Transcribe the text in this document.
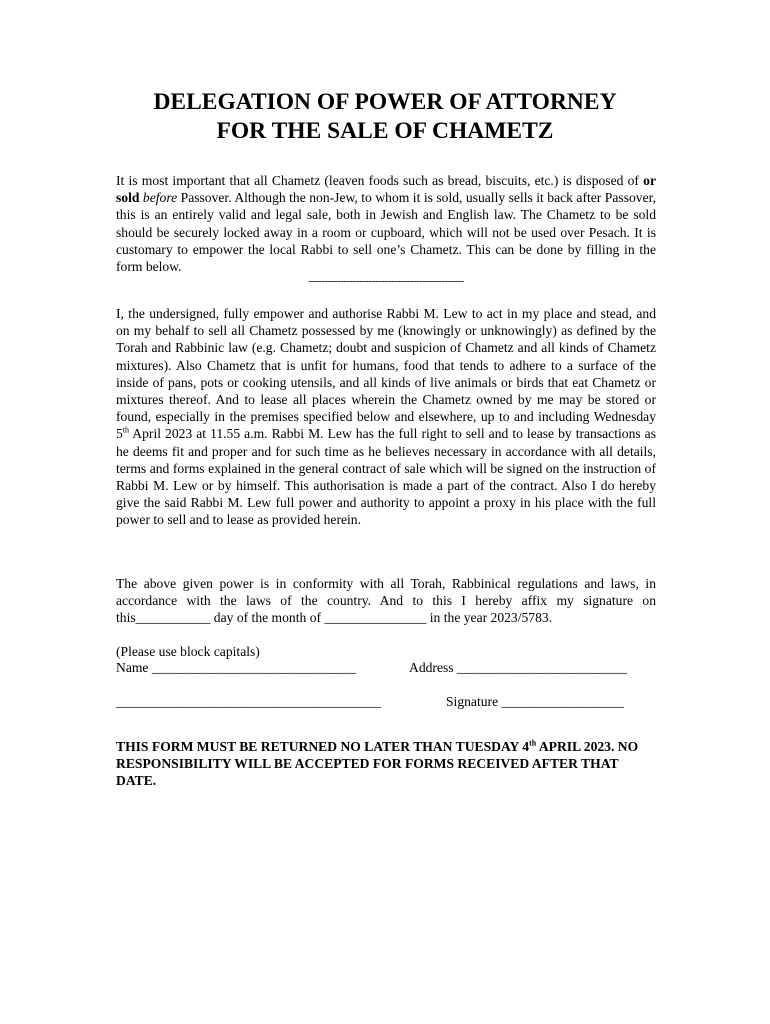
DELEGATION OF POWER OF ATTORNEY
FOR THE SALE OF CHAMETZ

It is most important that all Chametz (leaven foods such as bread, biscuits, etc.) is disposed of or sold before Passover. Although the non-Jew, to whom it is sold, usually sells it back after Passover, this is an entirely valid and legal sale, both in Jewish and English law. The Chametz to be sold should be securely locked away in a room or cupboard, which will not be used over Pesach. It is customary to empower the local Rabbi to sell one’s Chametz. This can be done by filling in the form below.

-------------------------------------------------

I, the undersigned, fully empower and authorise Rabbi M. Lew to act in my place and stead, and on my behalf to sell all Chametz possessed by me (knowingly or unknowingly) as defined by the Torah and Rabbinic law (e.g. Chametz; doubt and suspicion of Chametz and all kinds of Chametz mixtures). Also Chametz that is unfit for humans, food that tends to adhere to a surface of the inside of pans, pots or cooking utensils, and all kinds of live animals or birds that eat Chametz or mixtures thereof. And to lease all places wherein the Chametz owned by me may be stored or found, especially in the premises specified below and elsewhere, up to and including Wednesday 5th April 2023 at 11.55 a.m. Rabbi M. Lew has the full right to sell and to lease by transactions as he deems fit and proper and for such time as he believes necessary in accordance with all details, terms and forms explained in the general contract of sale which will be signed on the instruction of Rabbi M. Lew or by himself. This authorisation is made a part of the contract. Also I do hereby give the said Rabbi M. Lew full power and authority to appoint a proxy in his place with the full power to sell and to lease as provided herein.

The above given power is in conformity with all Torah, Rabbinical regulations and laws, in accordance with the laws of the country. And to this I hereby affix my signature on this___________ day of the month of _______________ in the year 2023/5783.

(Please use block capitals)
Name ______________________________	Address _________________________
_______________________________________	Signature __________________

THIS FORM MUST BE RETURNED NO LATER THAN TUESDAY 4th APRIL 2023. NO RESPONSIBILITY WILL BE ACCEPTED FOR FORMS RECEIVED AFTER THAT DATE.
